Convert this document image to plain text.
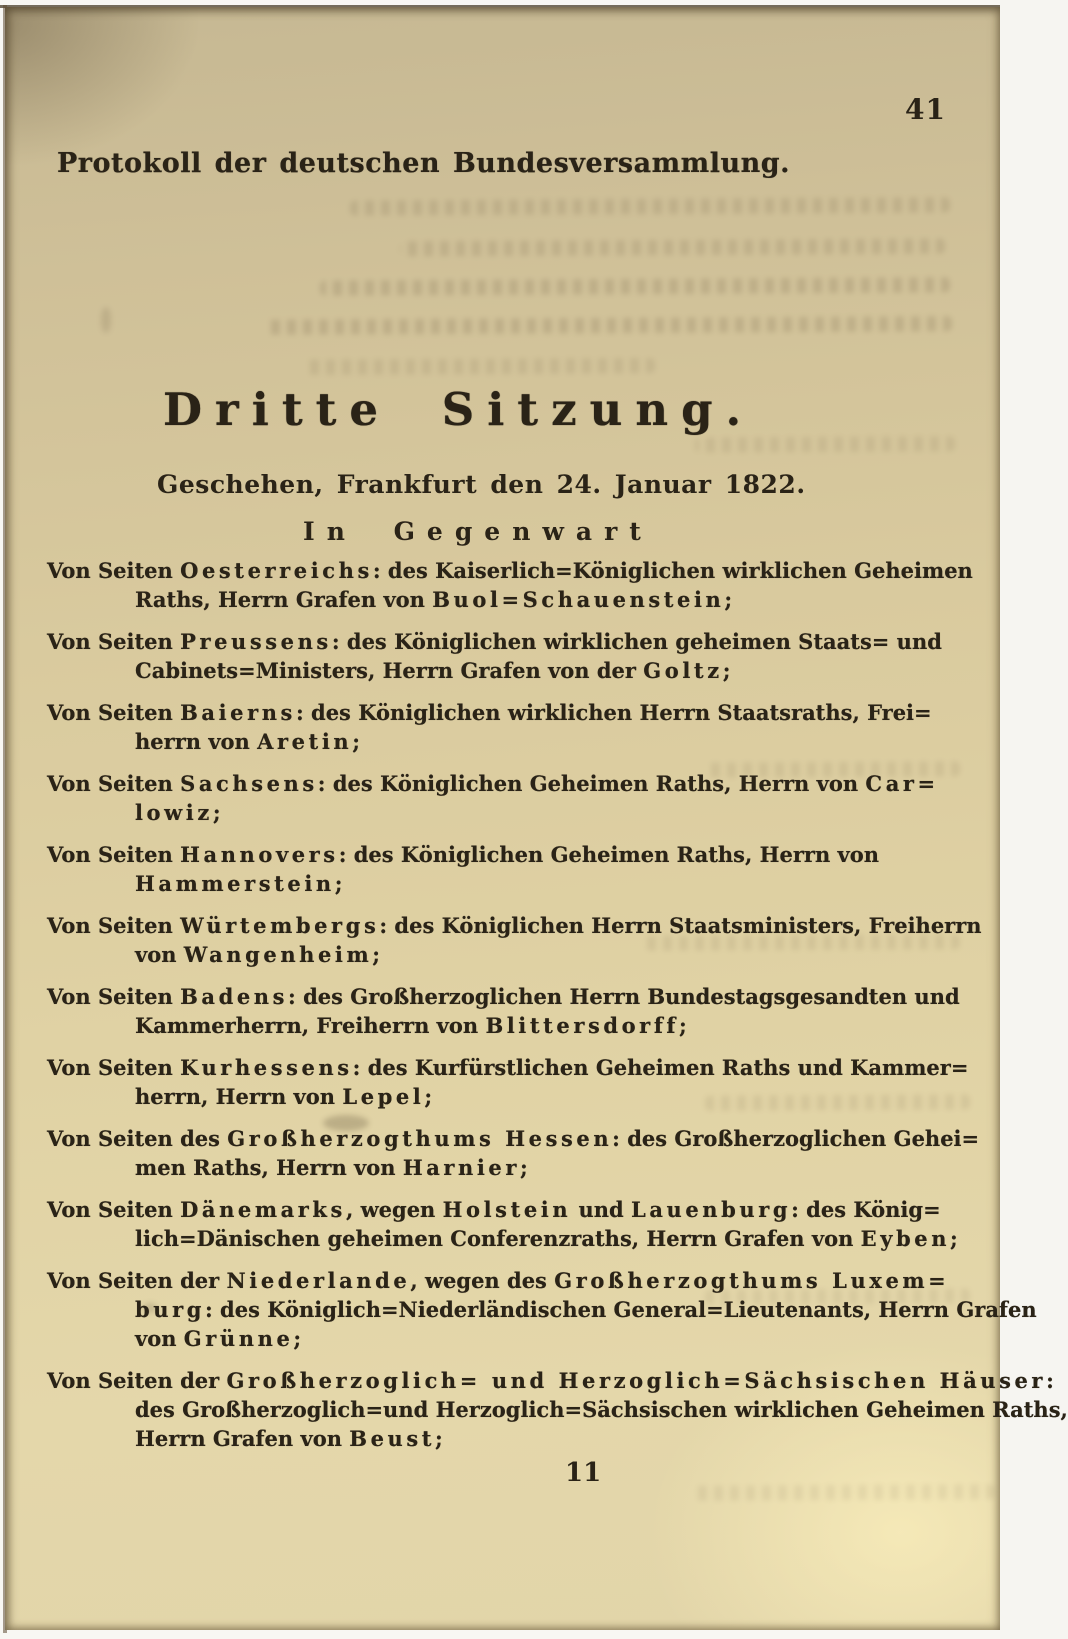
41
Protokoll der deutschen Bundesversammlung.
Dritte Sitzung.
Geschehen, Frankfurt den 24. Januar 1822.
In Gegenwart
Von Seiten Oesterreichs: des Kaiserlich=Königlichen wirklichen Geheimen
Raths, Herrn Grafen von Buol=Schauenstein;
Von Seiten Preussens: des Königlichen wirklichen geheimen Staats= und
Cabinets=Ministers, Herrn Grafen von der Goltz;
Von Seiten Baierns: des Königlichen wirklichen Herrn Staatsraths, Frei=
herrn von Aretin;
Von Seiten Sachsens: des Königlichen Geheimen Raths, Herrn von Car=
lowiz;
Von Seiten Hannovers: des Königlichen Geheimen Raths, Herrn von
Hammerstein;
Von Seiten Würtembergs: des Königlichen Herrn Staatsministers, Freiherrn
von Wangenheim;
Von Seiten Badens: des Großherzoglichen Herrn Bundestagsgesandten und
Kammerherrn, Freiherrn von Blittersdorff;
Von Seiten Kurhessens: des Kurfürstlichen Geheimen Raths und Kammer=
herrn, Herrn von Lepel;
Von Seiten des Großherzogthums Hessen: des Großherzoglichen Gehei=
men Raths, Herrn von Harnier;
Von Seiten Dänemarks, wegen Holstein und Lauenburg: des König=
lich=Dänischen geheimen Conferenzraths, Herrn Grafen von Eyben;
Von Seiten der Niederlande, wegen des Großherzogthums Luxem=
burg: des Königlich=Niederländischen General=Lieutenants, Herrn Grafen
von Grünne;
Von Seiten der Großherzoglich= und Herzoglich=Sächsischen Häuser:
des Großherzoglich=und Herzoglich=Sächsischen wirklichen Geheimen Raths,
Herrn Grafen von Beust;
11
